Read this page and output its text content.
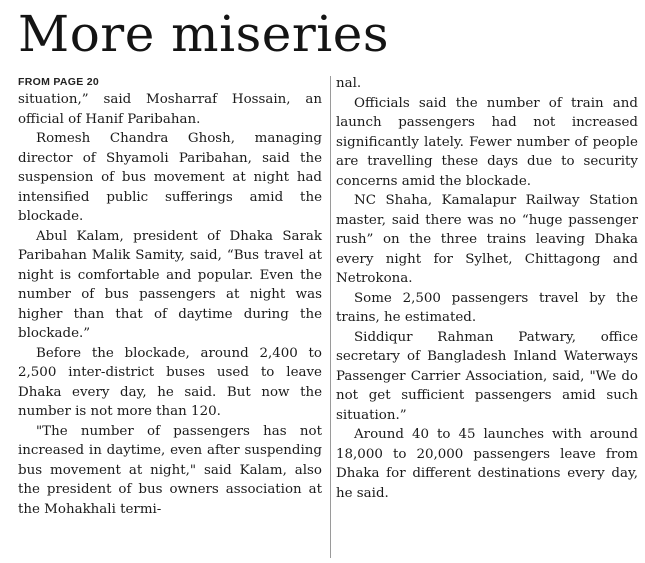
More miseries
FROM PAGE 20

situation,” said Mosharraf Hossain, an official of Hanif Paribahan.

Romesh Chandra Ghosh, managing director of Shyamoli Paribahan, said the suspension of bus movement at night had intensified public sufferings amid the blockade.

Abul Kalam, president of Dhaka Sarak Paribahan Malik Samity, said, “Bus travel at night is comfortable and popular. Even the number of bus passengers at night was higher than that of daytime during the blockade.”

Before the blockade, around 2,400 to 2,500 inter-district buses used to leave Dhaka every day, he said. But now the number is not more than 120.

"The number of passengers has not increased in daytime, even after suspending bus movement at night," said Kalam, also the president of bus owners association at the Mohakhali termi-

nal.

Officials said the number of train and launch passengers had not increased significantly lately. Fewer number of people are travelling these days due to security concerns amid the blockade.

NC Shaha, Kamalapur Railway Station master, said there was no “huge passenger rush” on the three trains leaving Dhaka every night for Sylhet, Chittagong and Netrokona.

Some 2,500 passengers travel by the trains, he estimated.

Siddiqur Rahman Patwary, office secretary of Bangladesh Inland Waterways Passenger Carrier Association, said, "We do not get sufficient passengers amid such situation.”

Around 40 to 45 launches with around 18,000 to 20,000 passengers leave from Dhaka for different destinations every day, he said.
